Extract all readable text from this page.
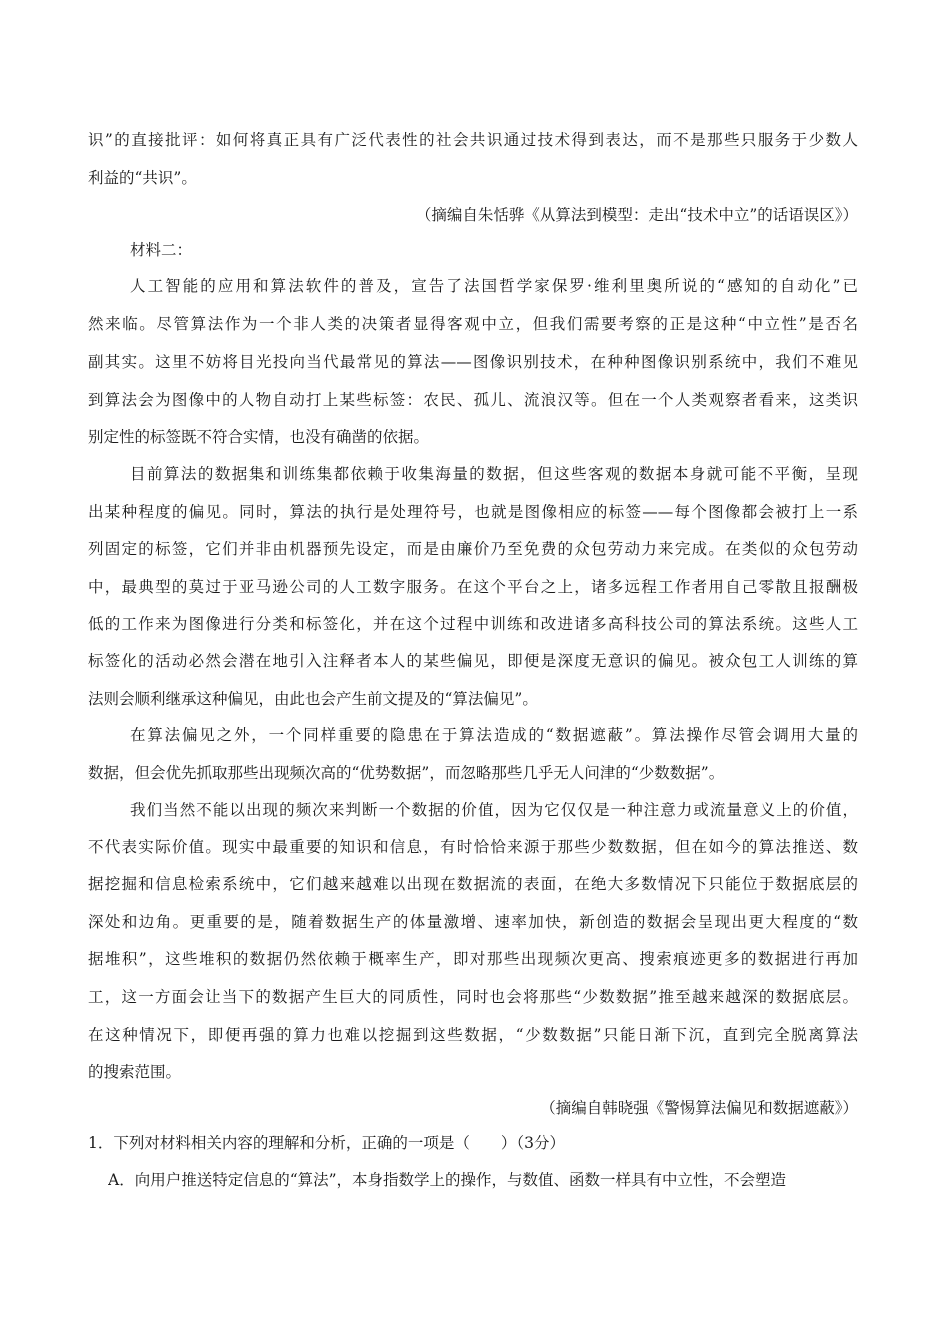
识”的直接批评：如何将真正具有广泛代表性的社会共识通过技术得到表达，而不是那些只服务于少数人
利益的“共识”。
（摘编自朱恬骅《从算法到模型：走出“技术中立”的话语误区》）
材料二：
人工智能的应用和算法软件的普及，宣告了法国哲学家保罗·维利里奥所说的“感知的自动化”已
然来临。尽管算法作为一个非人类的决策者显得客观中立，但我们需要考察的正是这种“中立性”是否名
副其实。这里不妨将目光投向当代最常见的算法——图像识别技术，在种种图像识别系统中，我们不难见
到算法会为图像中的人物自动打上某些标签：农民、孤儿、流浪汉等。但在一个人类观察者看来，这类识
别定性的标签既不符合实情，也没有确凿的依据。
目前算法的数据集和训练集都依赖于收集海量的数据，但这些客观的数据本身就可能不平衡，呈现
出某种程度的偏见。同时，算法的执行是处理符号，也就是图像相应的标签——每个图像都会被打上一系
列固定的标签，它们并非由机器预先设定，而是由廉价乃至免费的众包劳动力来完成。在类似的众包劳动
中，最典型的莫过于亚马逊公司的人工数字服务。在这个平台之上，诸多远程工作者用自己零散且报酬极
低的工作来为图像进行分类和标签化，并在这个过程中训练和改进诸多高科技公司的算法系统。这些人工
标签化的活动必然会潜在地引入注释者本人的某些偏见，即便是深度无意识的偏见。被众包工人训练的算
法则会顺利继承这种偏见，由此也会产生前文提及的“算法偏见”。
在算法偏见之外，一个同样重要的隐患在于算法造成的“数据遮蔽”。算法操作尽管会调用大量的
数据，但会优先抓取那些出现频次高的“优势数据”，而忽略那些几乎无人问津的“少数数据”。
我们当然不能以出现的频次来判断一个数据的价值，因为它仅仅是一种注意力或流量意义上的价值，
不代表实际价值。现实中最重要的知识和信息，有时恰恰来源于那些少数数据，但在如今的算法推送、数
据挖掘和信息检索系统中，它们越来越难以出现在数据流的表面，在绝大多数情况下只能位于数据底层的
深处和边角。更重要的是，随着数据生产的体量激增、速率加快，新创造的数据会呈现出更大程度的“数
据堆积”，这些堆积的数据仍然依赖于概率生产，即对那些出现频次更高、搜索痕迹更多的数据进行再加
工，这一方面会让当下的数据产生巨大的同质性，同时也会将那些“少数数据”推至越来越深的数据底层。
在这种情况下，即便再强的算力也难以挖掘到这些数据，“少数数据”只能日渐下沉，直到完全脱离算法
的搜索范围。
（摘编自韩晓强《警惕算法偏见和数据遮蔽》）
1．下列对材料相关内容的理解和分析，正确的一项是（　　）（3分）
A．向用户推送特定信息的“算法”，本身指数学上的操作，与数值、函数一样具有中立性，不会塑造
